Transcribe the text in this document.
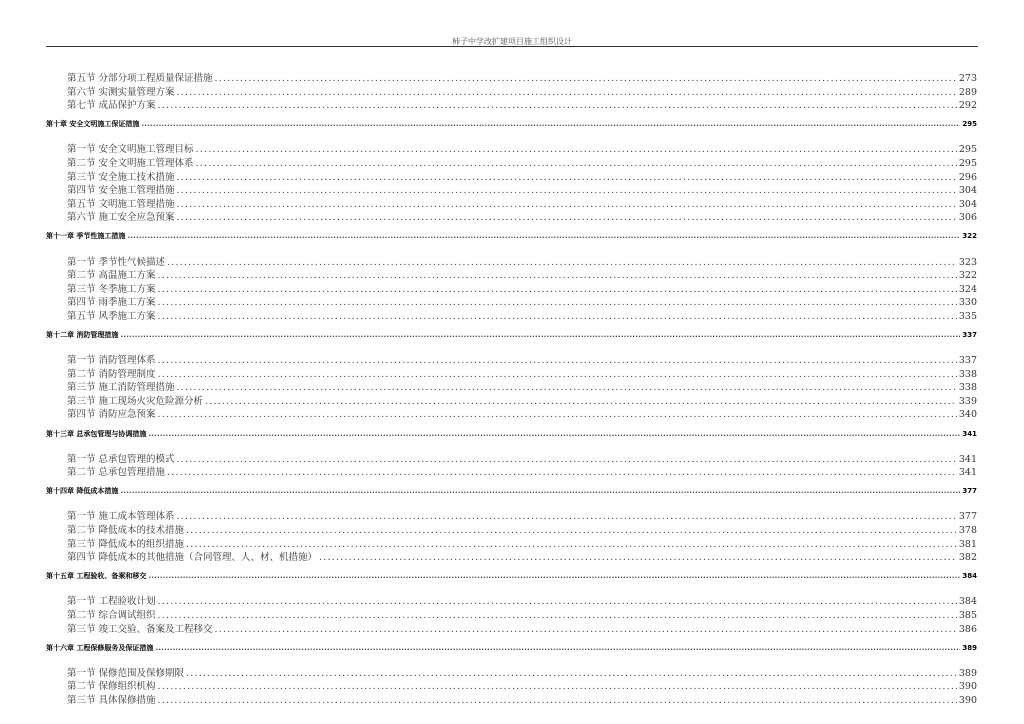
柿子中学改扩建项目施工组织设计
第五节 分部分项工程质量保证措施 .....	273
第六节 实测实量管理方案 .....	289
第七节 成品保护方案 .....	292
第十章 安全文明施工保证措施 .....	295
第一节 安全文明施工管理目标 .....	295
第二节 安全文明施工管理体系 .....	295
第三节 安全施工技术措施 .....	296
第四节 安全施工管理措施 .....	304
第五节 文明施工管理措施 .....	304
第六节 施工安全应急预案 .....	306
第十一章 季节性施工措施 .....	322
第一节 季节性气候描述 .....	323
第二节 高温施工方案 .....	322
第三节 冬季施工方案 .....	324
第四节 雨季施工方案 .....	330
第五节 风季施工方案 .....	335
第十二章 消防管理措施 .....	337
第一节 消防管理体系 .....	337
第二节 消防管理制度 .....	338
第三节 施工消防管理措施 .....	338
第三节 施工现场火灾危险源分析 .....	339
第四节 消防应急预案 .....	340
第十三章 总承包管理与协调措施 .....	341
第一节 总承包管理的模式 .....	341
第二节 总承包管理措施 .....	341
第十四章 降低成本措施 .....	377
第一节 施工成本管理体系 .....	377
第二节 降低成本的技术措施 .....	378
第三节 降低成本的组织措施 .....	381
第四节 降低成本的其他措施（合同管理、人、材、机措施） .....	382
第十五章 工程验收、备案和移交 .....	384
第一节 工程验收计划 .....	384
第二节 综合调试组织 .....	385
第三节 竣工交验、备案及工程移交 .....	386
第十六章 工程保修服务及保证措施 .....	389
第一节 保修范围及保修期限 .....	389
第二节 保修组织机构 .....	390
第三节 具体保修措施 .....	390
